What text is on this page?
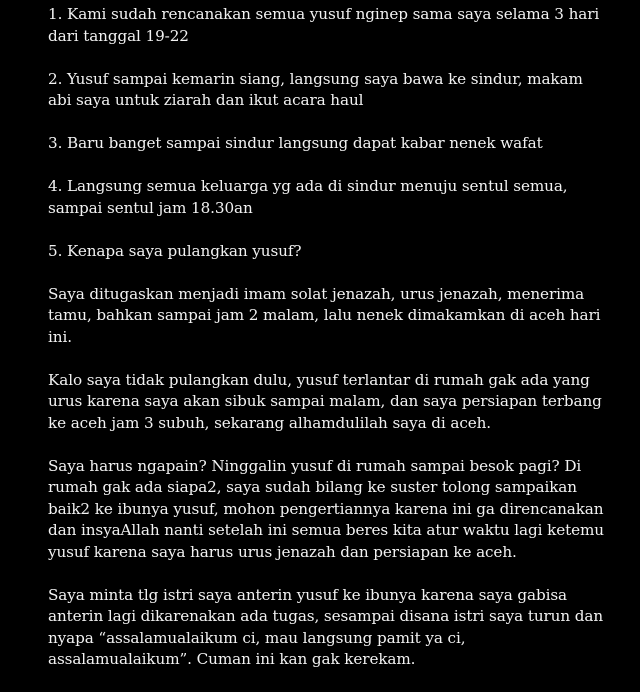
1. Kami sudah rencanakan semua yusuf nginep sama saya selama 3 hari dari tanggal 19-22

2. Yusuf sampai kemarin siang, langsung saya bawa ke sindur, makam abi saya untuk ziarah dan ikut acara haul

3. Baru banget sampai sindur langsung dapat kabar nenek wafat

4. Langsung semua keluarga yg ada di sindur menuju sentul semua, sampai sentul jam 18.30an

5. Kenapa saya pulangkan yusuf?

Saya ditugaskan menjadi imam solat jenazah, urus jenazah, menerima tamu, bahkan sampai jam 2 malam, lalu nenek dimakamkan di aceh hari ini.

Kalo saya tidak pulangkan dulu, yusuf terlantar di rumah gak ada yang urus karena saya akan sibuk sampai malam, dan saya persiapan terbang ke aceh jam 3 subuh, sekarang alhamdulilah saya di aceh.

Saya harus ngapain? Ninggalin yusuf di rumah sampai besok pagi? Di rumah gak ada siapa2, saya sudah bilang ke suster tolong sampaikan baik2 ke ibunya yusuf, mohon pengertiannya karena ini ga direncanakan dan insyaAllah nanti setelah ini semua beres kita atur waktu lagi ketemu yusuf karena saya harus urus jenazah dan persiapan ke aceh.

Saya minta tlg istri saya anterin yusuf ke ibunya karena saya gabisa anterin lagi dikarenakan ada tugas, sesampai disana istri saya turun dan nyapa “assalamualaikum ci, mau langsung pamit ya ci, assalamualaikum”. Cuman ini kan gak kerekam.
